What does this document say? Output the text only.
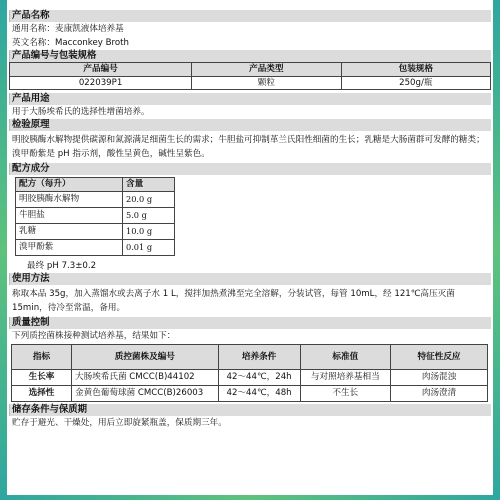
产品名称
通用名称：麦康凯液体培养基
英文名称：Macconkey Broth
产品编号与包装规格
产品编号	产品类型	包装规格
022039P1	颗粒	250g/瓶
产品用途
用于大肠埃希氏的选择性增菌培养。
检验原理
明胶胰酶水解物提供碳源和氮源满足细菌生长的需求；牛胆盐可抑制革兰氏阳性细菌的生长；乳糖是大肠菌群可发酵的糖类；溴甲酚紫是 pH 指示剂，酸性呈黄色，碱性呈紫色。
配方成分
配方（每升）	含量
明胶胰酶水解物	20.0 g
牛胆盐	5.0 g
乳糖	10.0 g
溴甲酚紫	0.01 g
最终 pH 7.3±0.2
使用方法
称取本品 35g，加入蒸馏水或去离子水 1 L，搅拌加热煮沸至完全溶解，分装试管，每管 10mL，经 121℃高压灭菌 15min，待冷至常温，备用。
质量控制
下列质控菌株接种测试培养基，结果如下：
指标	质控菌株及编号	培养条件	标准值	特征性反应
生长率	大肠埃希氏菌 CMCC(B)44102	42～44℃，24h	与对照培养基相当	肉汤混浊
选择性	金黄色葡萄球菌 CMCC(B)26003	42～44℃，48h	不生长	肉汤澄清
储存条件与保质期
贮存于避光、干燥处，用后立即旋紧瓶盖，保质期三年。
